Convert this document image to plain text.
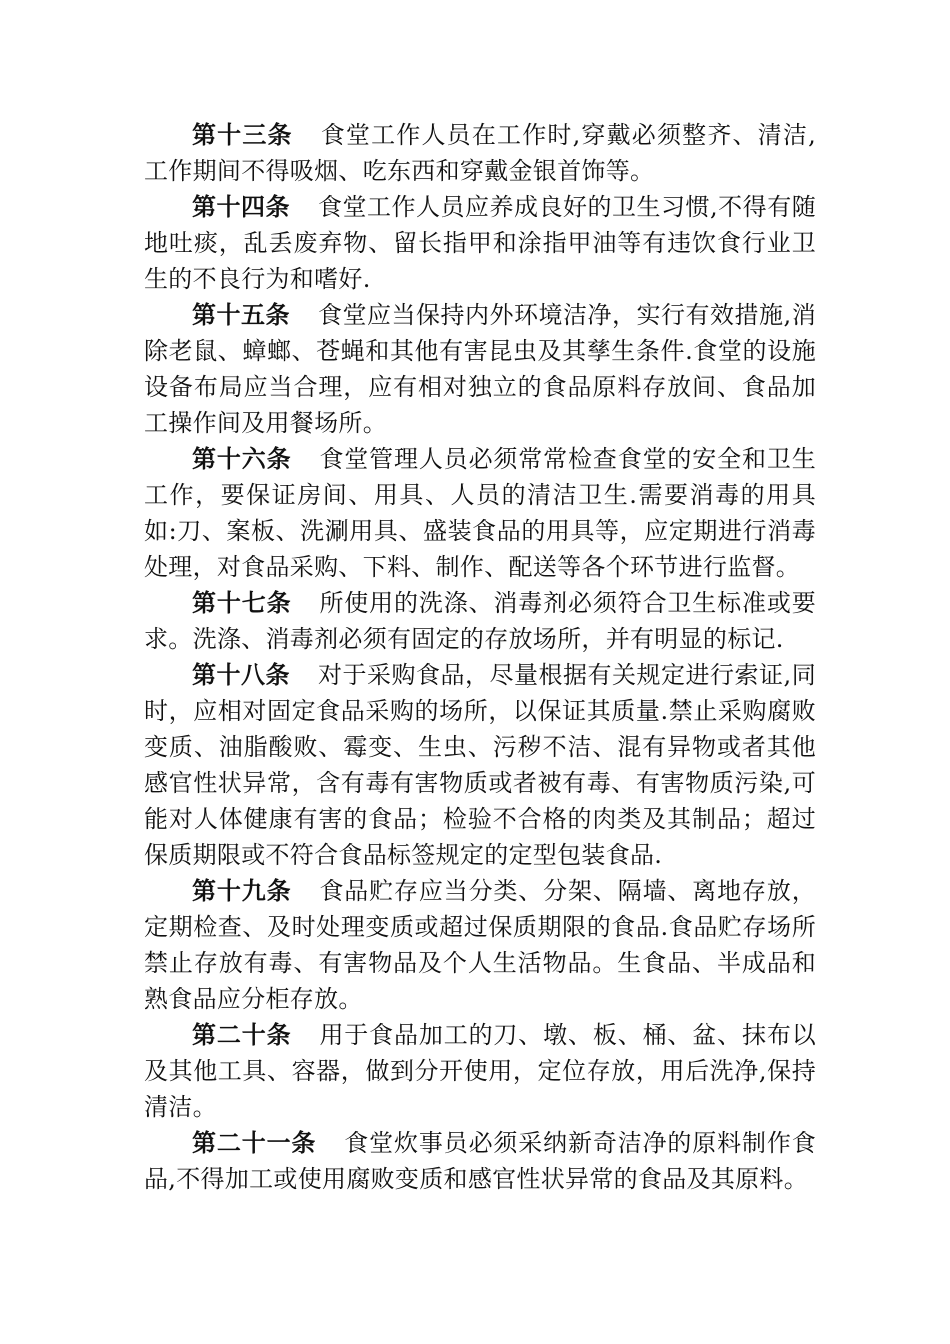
第十三条 食堂工作人员在工作时,穿戴必须整齐、清洁,工作期间不得吸烟、吃东西和穿戴金银首饰等。

第十四条 食堂工作人员应养成良好的卫生习惯,不得有随地吐痰，乱丢废弃物、留长指甲和涂指甲油等有违饮食行业卫生的不良行为和嗜好.

第十五条 食堂应当保持内外环境洁净，实行有效措施,消除老鼠、蟑螂、苍蝇和其他有害昆虫及其孳生条件.食堂的设施设备布局应当合理，应有相对独立的食品原料存放间、食品加工操作间及用餐场所。

第十六条 食堂管理人员必须常常检查食堂的安全和卫生工作，要保证房间、用具、人员的清洁卫生.需要消毒的用具如:刀、案板、洗涮用具、盛装食品的用具等，应定期进行消毒处理，对食品采购、下料、制作、配送等各个环节进行监督。

第十七条 所使用的洗涤、消毒剂必须符合卫生标准或要求。洗涤、消毒剂必须有固定的存放场所，并有明显的标记.

第十八条 对于采购食品，尽量根据有关规定进行索证,同时，应相对固定食品采购的场所，以保证其质量.禁止采购腐败变质、油脂酸败、霉变、生虫、污秽不洁、混有异物或者其他感官性状异常，含有毒有害物质或者被有毒、有害物质污染,可能对人体健康有害的食品；检验不合格的肉类及其制品；超过保质期限或不符合食品标签规定的定型包装食品.

第十九条 食品贮存应当分类、分架、隔墙、离地存放，定期检查、及时处理变质或超过保质期限的食品.食品贮存场所禁止存放有毒、有害物品及个人生活物品。生食品、半成品和熟食品应分柜存放。

第二十条 用于食品加工的刀、墩、板、桶、盆、抹布以及其他工具、容器，做到分开使用，定位存放，用后洗净,保持清洁。

第二十一条 食堂炊事员必须采纳新奇洁净的原料制作食品,不得加工或使用腐败变质和感官性状异常的食品及其原料。
